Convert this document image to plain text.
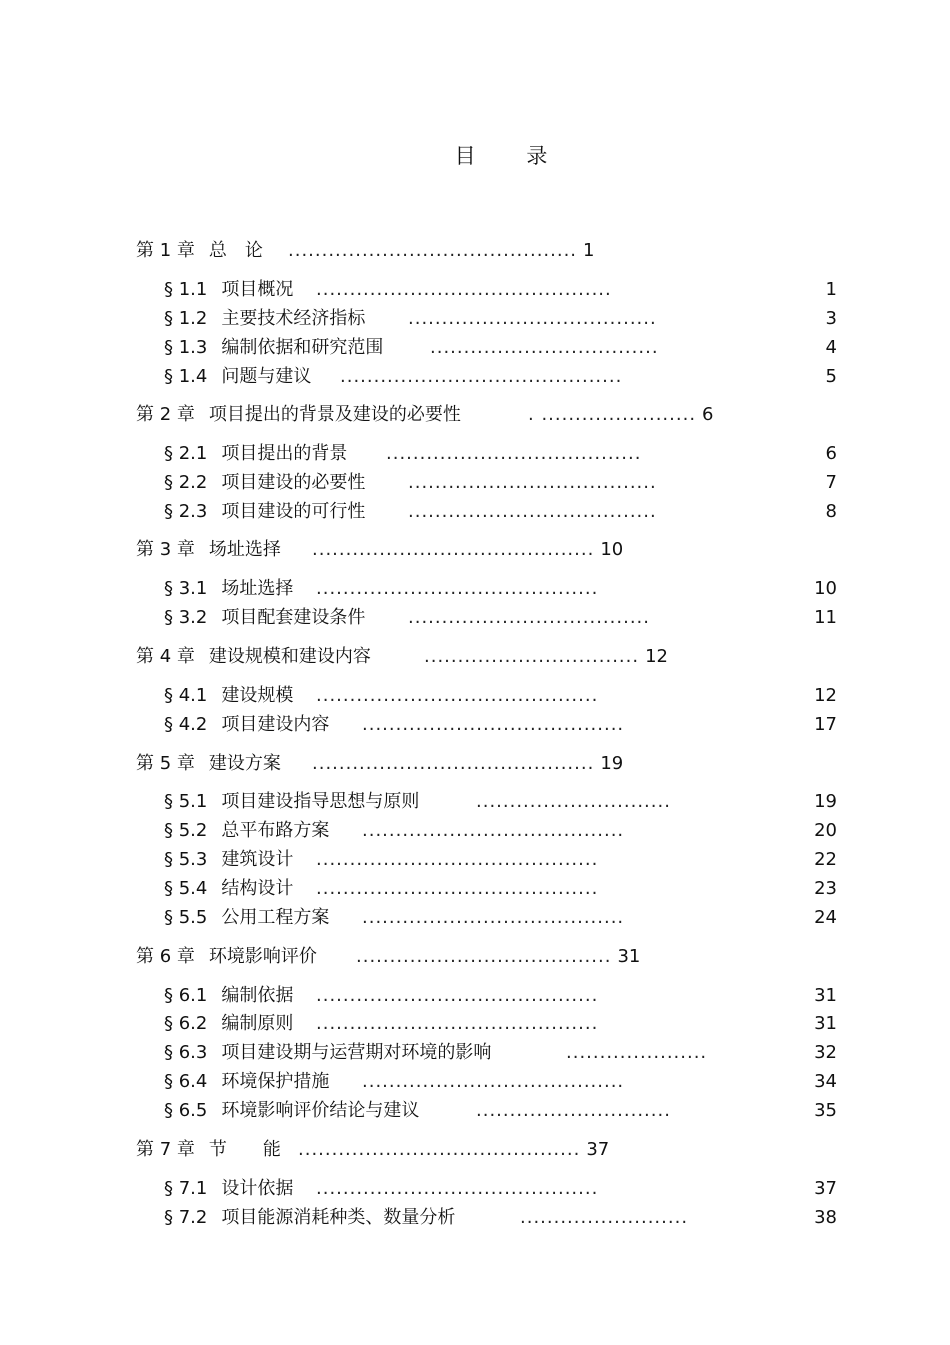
目 录
第 1 章 总　论 ........................................... 1
§ 1.1 项目概况 ............................................	1
§ 1.2 主要技术经济指标 .....................................	3
§ 1.3 编制依据和研究范围	..................................	4
§ 1.4 问题与建议 ..........................................	5
第 2 章 项目提出的背景及建设的必要性	. ....................... 6
§ 2.1 项目提出的背景 ......................................	6
§ 2.2 项目建设的必要性 .....................................	7
§ 2.3 项目建设的可行性 .....................................	8
第 3 章 场址选择 .......................................... 10
§ 3.1 场址选择 ..........................................	10
§ 3.2 项目配套建设条件 ....................................	11
第 4 章 建设规模和建设内容	................................ 12
§ 4.1 建设规模 ..........................................	12
§ 4.2 项目建设内容 .......................................	17
第 5 章 建设方案 .......................................... 19
§ 5.1 项目建设指导思想与原则	.............................	19
§ 5.2 总平布路方案 .......................................	20
§ 5.3 建筑设计 ..........................................	22
§ 5.4 结构设计 ..........................................	23
§ 5.5 公用工程方案 .......................................	24
第 6 章 环境影响评价 ...................................... 31
§ 6.1 编制依据 ..........................................	31
§ 6.2 编制原则 ..........................................	31
§ 6.3 项目建设期与运营期对环境的影响	.....................	32
§ 6.4 环境保护措施 .......................................	34
§ 6.5 环境影响评价结论与建议	.............................	35
第 7 章 节　　能 .......................................... 37
§ 7.1 设计依据 ..........................................	37
§ 7.2 项目能源消耗种类、数量分析	.........................	38
